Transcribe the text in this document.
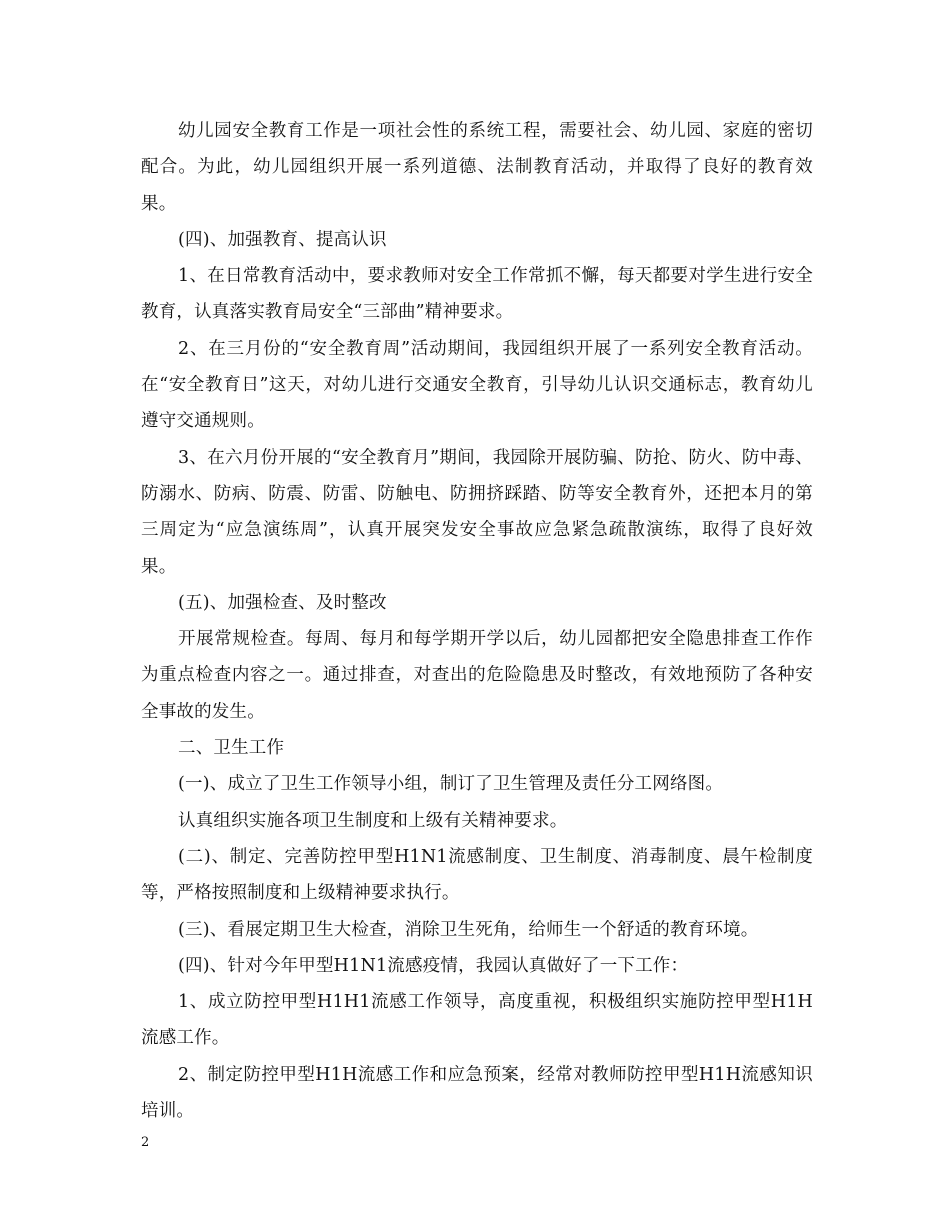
幼儿园安全教育工作是一项社会性的系统工程，需要社会、幼儿园、家庭的密切配合。为此，幼儿园组织开展一系列道德、法制教育活动，并取得了良好的教育效果。

(四)、加强教育、提高认识

1、在日常教育活动中，要求教师对安全工作常抓不懈，每天都要对学生进行安全教育，认真落实教育局安全“三部曲”精神要求。

2、在三月份的“安全教育周”活动期间，我园组织开展了一系列安全教育活动。在“安全教育日”这天，对幼儿进行交通安全教育，引导幼儿认识交通标志，教育幼儿遵守交通规则。

3、在六月份开展的“安全教育月”期间，我园除开展防骗、防抢、防火、防中毒、防溺水、防病、防震、防雷、防触电、防拥挤踩踏、防等安全教育外，还把本月的第三周定为“应急演练周”，认真开展突发安全事故应急紧急疏散演练，取得了良好效果。

(五)、加强检查、及时整改

开展常规检查。每周、每月和每学期开学以后，幼儿园都把安全隐患排查工作作为重点检查内容之一。通过排查，对查出的危险隐患及时整改，有效地预防了各种安全事故的发生。

二、卫生工作

(一)、成立了卫生工作领导小组，制订了卫生管理及责任分工网络图。

认真组织实施各项卫生制度和上级有关精神要求。

(二)、制定、完善防控甲型H1N1流感制度、卫生制度、消毒制度、晨午检制度等，严格按照制度和上级精神要求执行。

(三)、看展定期卫生大检查，消除卫生死角，给师生一个舒适的教育环境。

(四)、针对今年甲型H1N1流感疫情，我园认真做好了一下工作：

1、成立防控甲型H1H1流感工作领导，高度重视，积极组织实施防控甲型H1H流感工作。

2、制定防控甲型H1H流感工作和应急预案，经常对教师防控甲型H1H流感知识培训。

2
